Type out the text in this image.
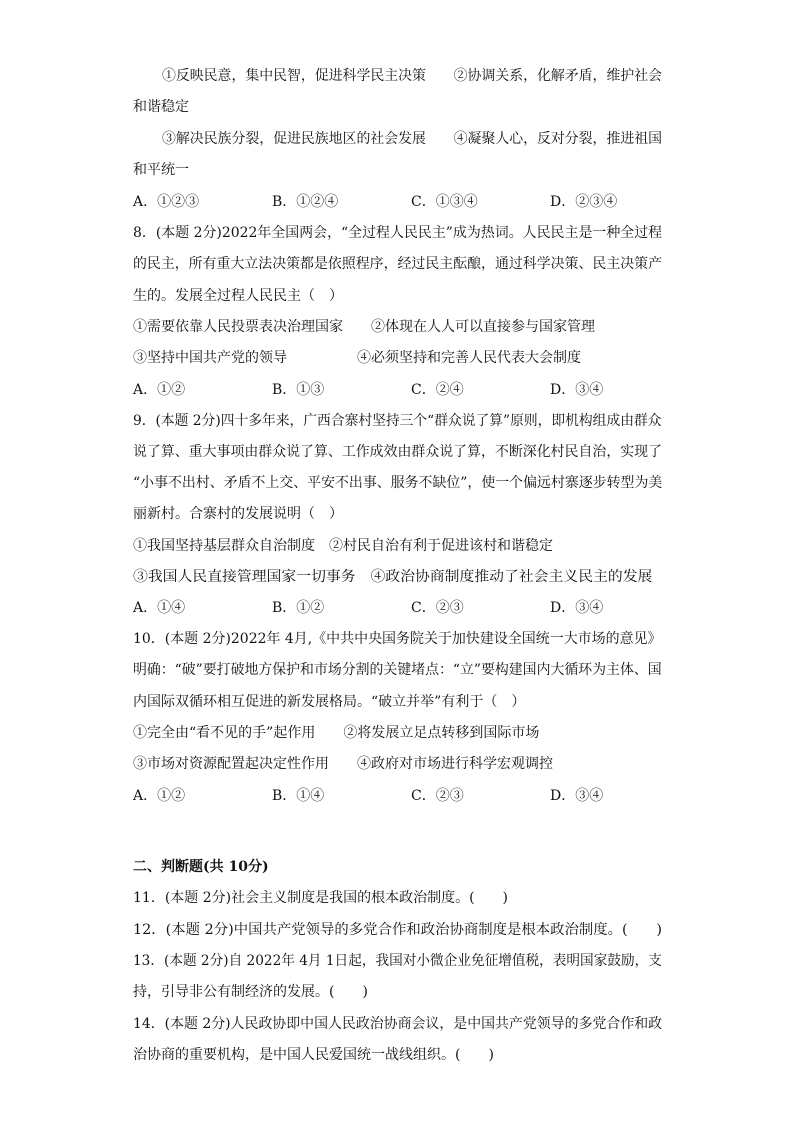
①反映民意，集中民智，促进科学民主决策　　②协调关系，化解矛盾，维护社会
和谐稳定
③解决民族分裂，促进民族地区的社会发展　　④凝聚人心，反对分裂，推进祖国
和平统一
A．①②③	B．①②④	C．①③④	D．②③④
8．(本题 2分)2022年全国两会，“全过程人民民主”成为热词。人民民主是一种全过程
的民主，所有重大立法决策都是依照程序，经过民主酝酿，通过科学决策、民主决策产
生的。发展全过程人民民主（　）
①需要依靠人民投票表决治理国家　　②体现在人人可以直接参与国家管理
③坚持中国共产党的领导　　　　　④必须坚持和完善人民代表大会制度
A．①②	B．①③	C．②④	D．③④
9．(本题 2分)四十多年来，广西合寨村坚持三个“群众说了算”原则，即机构组成由群众
说了算、重大事项由群众说了算、工作成效由群众说了算，不断深化村民自治，实现了
“小事不出村、矛盾不上交、平安不出事、服务不缺位”，使一个偏远村寨逐步转型为美
丽新村。合寨村的发展说明（　）
①我国坚持基层群众自治制度　②村民自治有利于促进该村和谐稳定
③我国人民直接管理国家一切事务　④政治协商制度推动了社会主义民主的发展
A．①④	B．①②	C．②③	D．③④
10．(本题 2分)2022年 4月,《中共中央国务院关于加快建设全国统一大市场的意见》
明确：“破”要打破地方保护和市场分割的关键堵点：“立”要构建国内大循环为主体、国
内国际双循环相互促进的新发展格局。“破立并举”有利于（　）
①完全由“看不见的手”起作用　　②将发展立足点转移到国际市场
③市场对资源配置起决定性作用　　④政府对市场进行科学宏观调控
A．①②	B．①④	C．②③	D．③④
二、判断题(共 10分)
11．(本题 2分)社会主义制度是我国的根本政治制度。(　　)
12．(本题 2分)中国共产党领导的多党合作和政治协商制度是根本政治制度。(　　)
13．(本题 2分)自 2022年 4月 1日起，我国对小微企业免征增值税，表明国家鼓励，支
持，引导非公有制经济的发展。(　　)
14．(本题 2分)人民政协即中国人民政治协商会议，是中国共产党领导的多党合作和政
治协商的重要机构，是中国人民爱国统一战线组织。(　　)
